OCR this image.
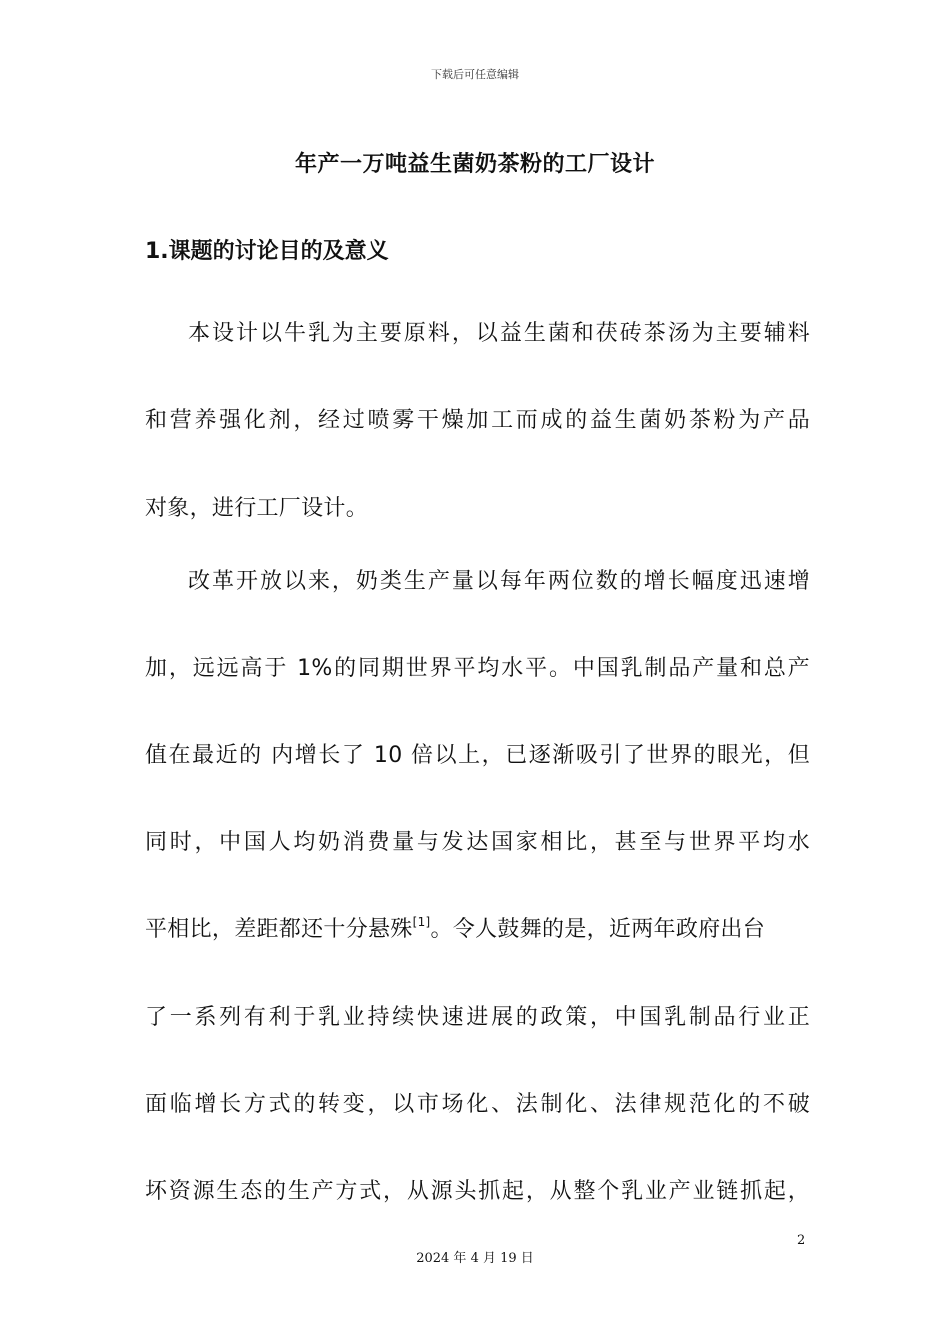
下载后可任意编辑
年产一万吨益生菌奶茶粉的工厂设计
1.课题的讨论目的及意义
本设计以牛乳为主要原料，以益生菌和茯砖茶汤为主要辅料
和营养强化剂，经过喷雾干燥加工而成的益生菌奶茶粉为产品
对象，进行工厂设计。
改革开放以来，奶类生产量以每年两位数的增长幅度迅速增
加，远远高于 1%的同期世界平均水平。中国乳制品产量和总产
值在最近的 内增长了 10 倍以上，已逐渐吸引了世界的眼光，但
同时，中国人均奶消费量与发达国家相比，甚至与世界平均水
平相比，差距都还十分悬殊[1]。令人鼓舞的是，近两年政府出台
了一系列有利于乳业持续快速进展的政策，中国乳制品行业正
面临增长方式的转变，以市场化、法制化、法律规范化的不破
坏资源生态的生产方式，从源头抓起，从整个乳业产业链抓起，
2
2024 年 4 月 19 日
